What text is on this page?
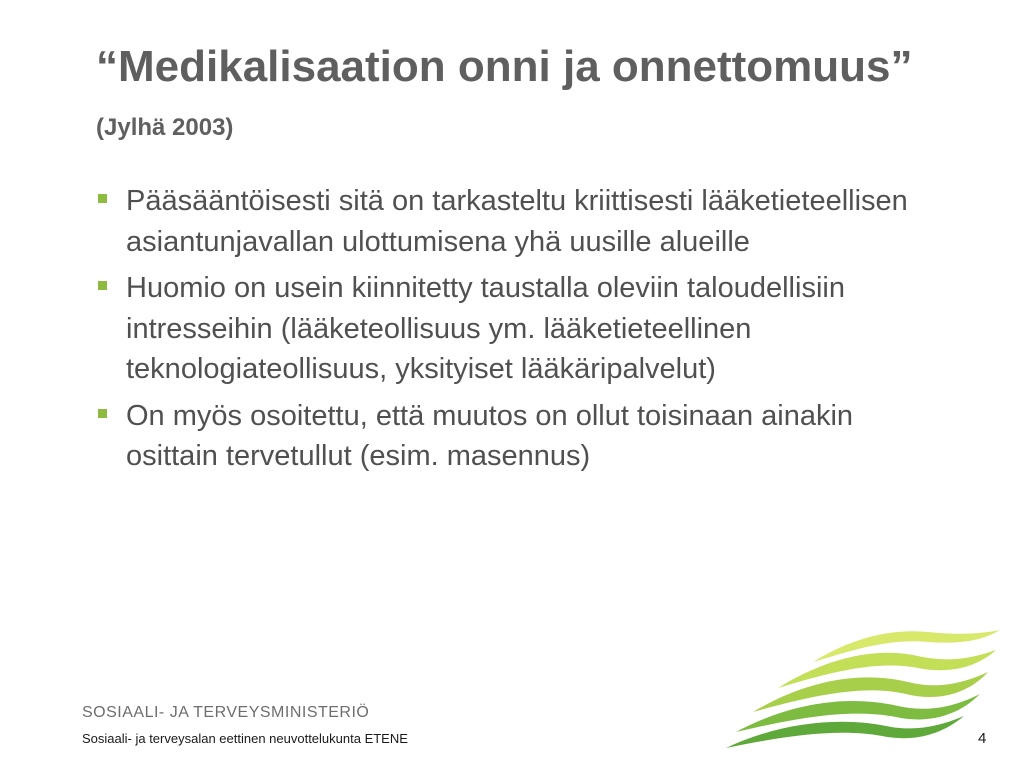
“Medikalisaation onni ja onnettomuus” (Jylhä 2003)
Pääsääntöisesti sitä on tarkasteltu kriittisesti lääketieteellisen asiantunjavallan ulottumisena yhä uusille alueille
Huomio on usein kiinnitetty taustalla oleviin taloudellisiin intresseihin (lääketeollisuus ym. lääketieteellinen teknologiateollisuus, yksityiset lääkäripalvelut)
On myös osoitettu, että muutos on ollut toisinaan ainakin osittain tervetullut (esim. masennus)
SOSIAALI- JA TERVEYSMINISTERIÖ
Sosiaali- ja terveysalan eettinen neuvottelukunta ETENE	4
